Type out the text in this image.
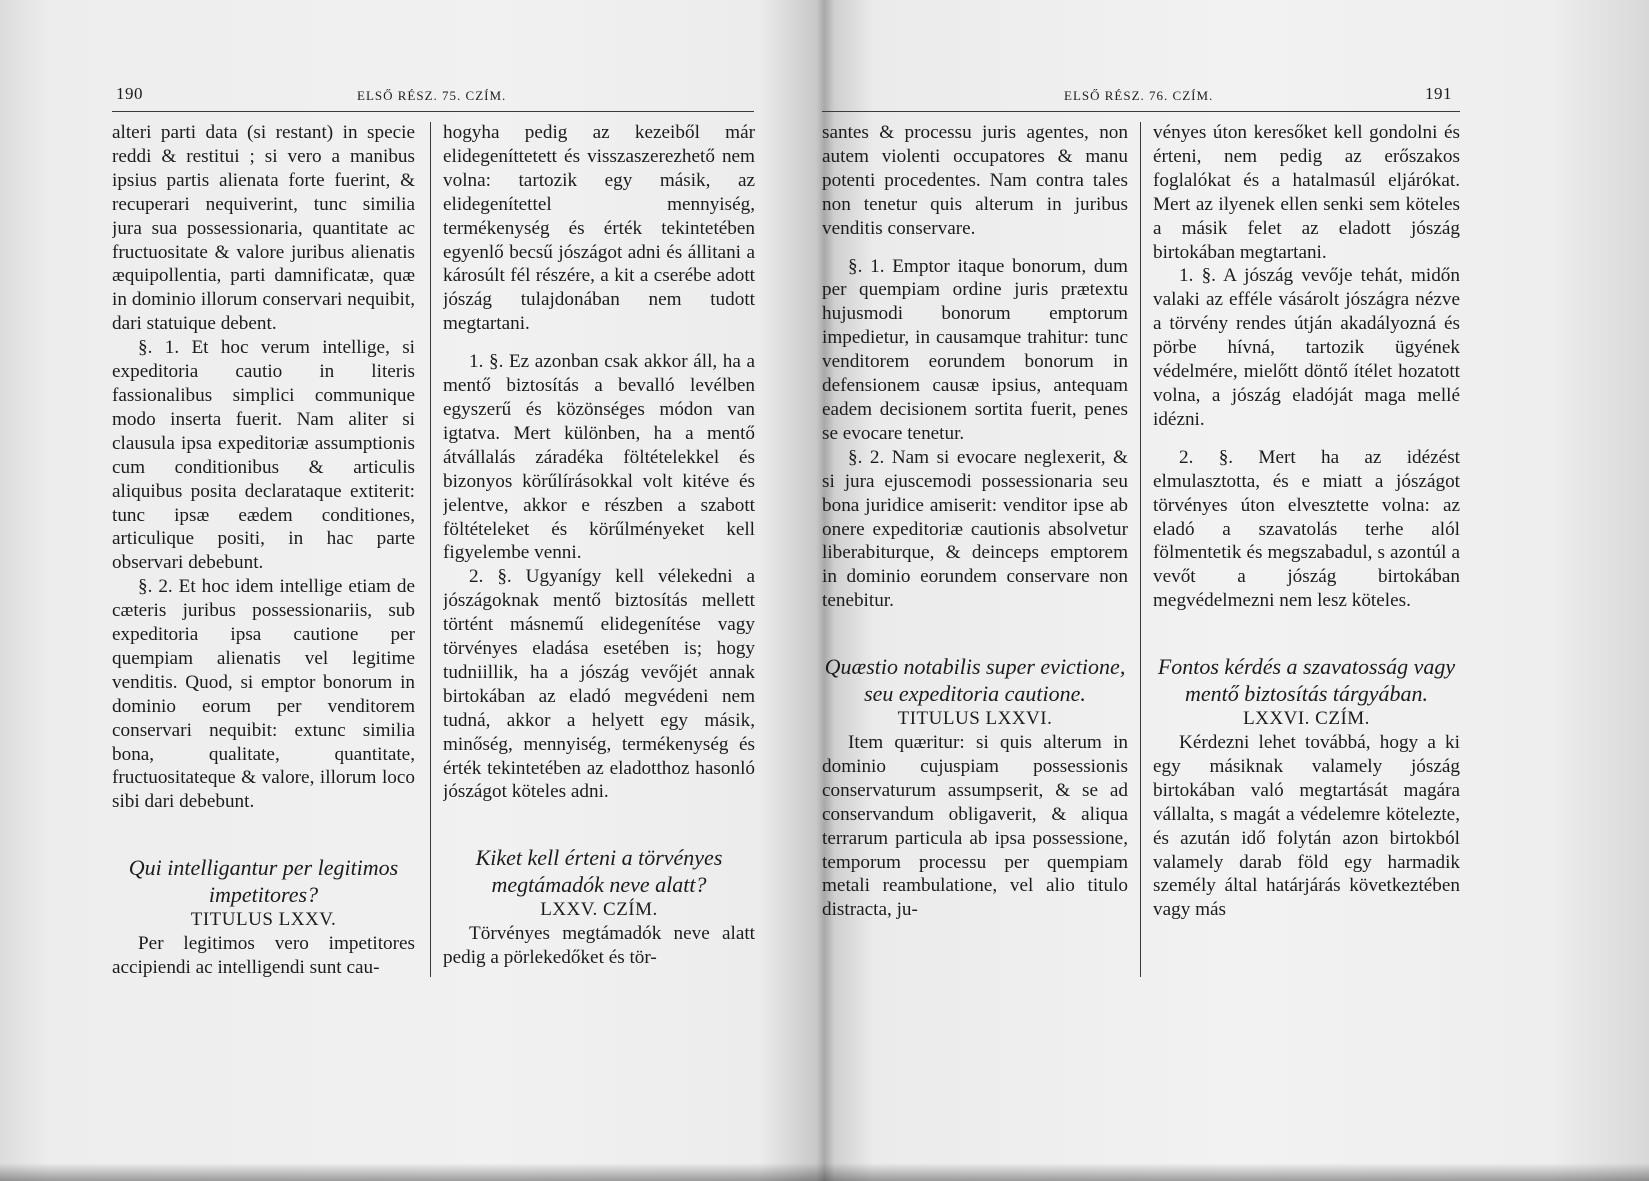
190	ELSŐ RÉSZ. 75. CZÍM.

alteri parti data (si restant) in specie reddi & restitui ; si vero a manibus ipsius partis alienata forte fuerint, & recuperari nequiverint, tunc similia jura sua possessionaria, quantitate ac fructuositate & valore juribus alienatis æquipollentia, parti damnificatæ, quæ in dominio illorum conservari nequibit, dari statuique debent.

§. 1. Et hoc verum intellige, si expeditoria cautio in literis fassionalibus simplici communique modo inserta fuerit. Nam aliter si clausula ipsa expeditoriæ assumptionis cum conditionibus & articulis aliquibus posita declarataque extiterit: tunc ipsæ eædem conditiones, articulique positi, in hac parte observari debebunt.

§. 2. Et hoc idem intellige etiam de cæteris juribus possessionariis, sub expeditoria ipsa cautione per quempiam alienatis vel legitime venditis. Quod, si emptor bonorum in dominio eorum per venditorem conservari nequibit: extunc similia bona, qualitate, quantitate, fructuositateque & valore, illorum loco sibi dari debebunt.

Qui intelligantur per legitimos impetitores?

TITULUS LXXV.

Per legitimos vero impetitores accipiendi ac intelligendi sunt cau-

hogyha pedig az kezeiből már elidegeníttetett és visszaszerezhető nem volna: tartozik egy másik, az elidegenítettel mennyiség, termékenység és érték tekintetében egyenlő becsű jószágot adni és állitani a károsúlt fél részére, a kit a cserébe adott jószág tulajdonában nem tudott megtartani.

1. §. Ez azonban csak akkor áll, ha a mentő biztosítás a bevalló levélben egyszerű és közönséges módon van igtatva. Mert különben, ha a mentő átvállalás záradéka föltételekkel és bizonyos körűlírásokkal volt kitéve és jelentve, akkor e részben a szabott föltételeket és körűlményeket kell figyelembe venni.

2. §. Ugyanígy kell vélekedni a jószágoknak mentő biztosítás mellett történt másnemű elidegenítése vagy törvényes eladása esetében is; hogy tudniillik, ha a jószág vevőjét annak birtokában az eladó megvédeni nem tudná, akkor a helyett egy másik, minőség, mennyiség, termékenység és érték tekintetében az eladotthoz hasonló jószágot köteles adni.

Kiket kell érteni a törvényes megtámadók neve alatt?

LXXV. CZÍM.

Törvényes megtámadók neve alatt pedig a pörlekedőket és tör-

ELSŐ RÉSZ. 76. CZÍM.	191

santes & processu juris agentes, non autem violenti occupatores & manu potenti procedentes. Nam contra tales non tenetur quis alterum in juribus venditis conservare.

§. 1. Emptor itaque bonorum, dum per quempiam ordine juris prætextu hujusmodi bonorum emptorum impedietur, in causamque trahitur: tunc venditorem eorundem bonorum in defensionem causæ ipsius, antequam eadem decisionem sortita fuerit, penes se evocare tenetur.

§. 2. Nam si evocare neglexerit, & si jura ejuscemodi possessionaria seu bona juridice amiserit: venditor ipse ab onere expeditoriæ cautionis absolvetur liberabiturque, & deinceps emptorem in dominio eorundem conservare non tenebitur.

Quæstio notabilis super evictione, seu expeditoria cautione.

TITULUS LXXVI.

Item quæritur: si quis alterum in dominio cujuspiam possessionis conservaturum assumpserit, & se ad conservandum obligaverit, & aliqua terrarum particula ab ipsa possessione, temporum processu per quempiam metali reambulatione, vel alio titulo distracta, ju-

vényes úton keresőket kell gondolni és érteni, nem pedig az erőszakos foglalókat és a hatalmasúl eljárókat. Mert az ilyenek ellen senki sem köteles a másik felet az eladott jószág birtokában megtartani.

1. §. A jószág vevője tehát, midőn valaki az efféle vásárolt jószágra nézve a törvény rendes útján akadályozná és pörbe hívná, tartozik ügyének védelmére, mielőtt döntő ítélet hozatott volna, a jószág eladóját maga mellé idézni.

2. §. Mert ha az idézést elmulasztotta, és e miatt a jószágot törvényes úton elvesztette volna: az eladó a szavatolás terhe alól fölmentetik és megszabadul, s azontúl a vevőt a jószág birtokában megvédelmezni nem lesz köteles.

Fontos kérdés a szavatosság vagy mentő biztosítás tárgyában.

LXXVI. CZÍM.

Kérdezni lehet továbbá, hogy a ki egy másiknak valamely jószág birtokában való megtartását magára vállalta, s magát a védelemre kötelezte, és azután idő folytán azon birtokból valamely darab föld egy harmadik személy által határjárás következtében vagy más
